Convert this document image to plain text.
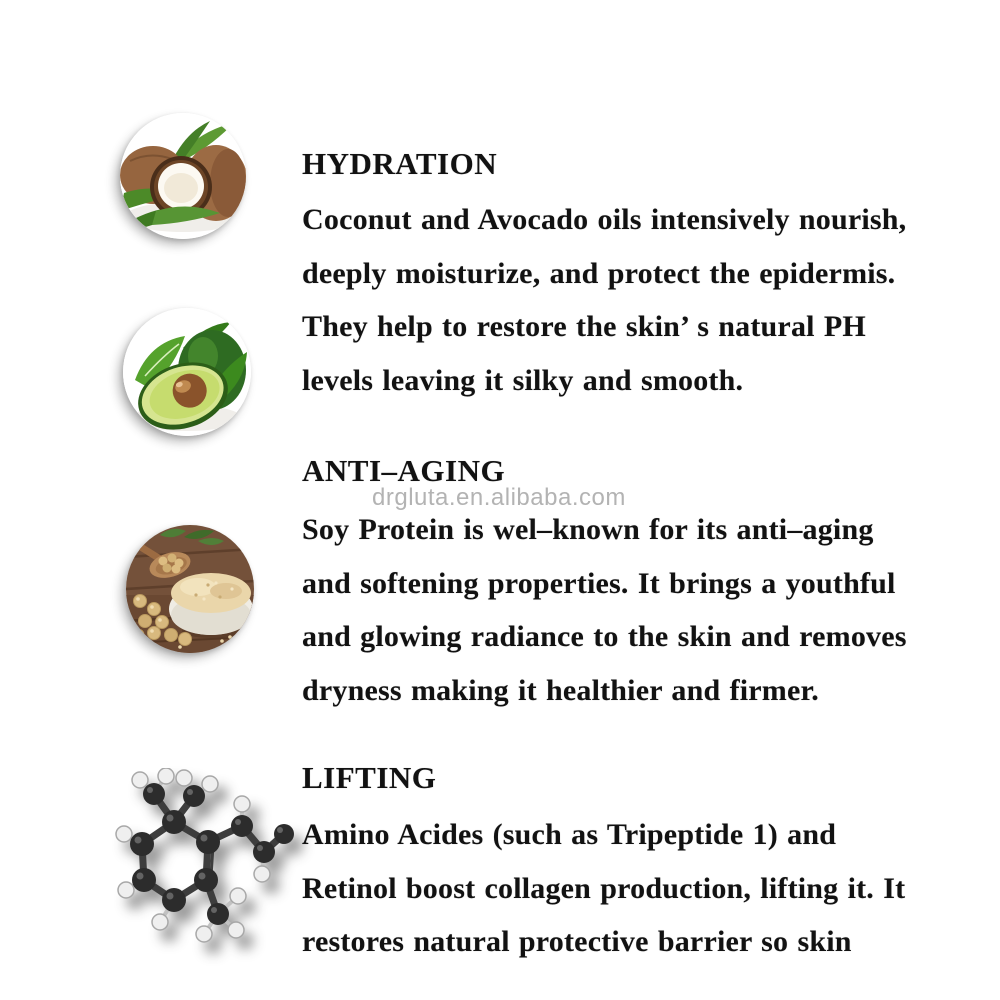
HYDRATION
Coconut and Avocado oils intensively nourish,
deeply moisturize, and protect the epidermis.
They help to restore the skin’ s natural PH
levels leaving it silky and smooth.
ANTI–AGING
drgluta.en.alibaba.com
Soy Protein is wel–known for its anti–aging
and softening properties. It brings a youthful
and glowing radiance to the skin and removes
dryness making it healthier and firmer.
LIFTING
Amino Acides (such as Tripeptide 1) and
Retinol boost collagen production, lifting it. It
restores natural protective barrier so skin
